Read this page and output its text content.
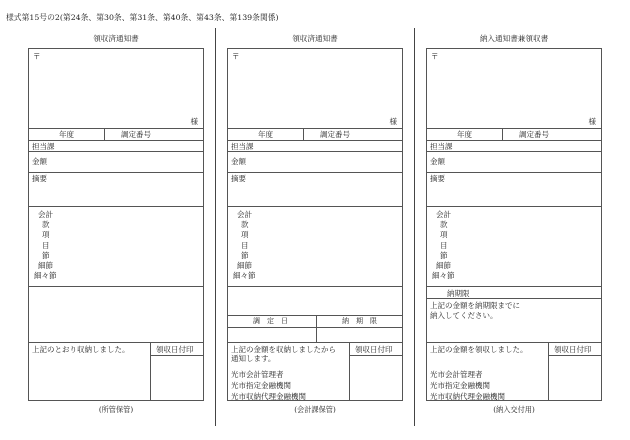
様式第15号の2(第24条、第30条、第31条、第40条、第43条、第139条関係)
領収済通知書
〒
様
年度	調定番号
担当課
金額
摘要
会計
款
項
目
節
細節
細々節
上記のとおり収納しました。	領収日付印
(所管保管)
領収済通知書
〒
様
年度	調定番号
担当課
金額
摘要
会計
款
項
目
節
細節
細々節
調　定　日	納　期　限
上記の金額を収納しましたから
通知します。
光市会計管理者
光市指定金融機関
光市収納代理金融機関
領収日付印
(会計課保管)
納入通知書兼領収書
〒
様
年度	調定番号
担当課
金額
摘要
会計
款
項
目
節
細節
細々節
納期限
上記の金額を納期限までに
納入してください。
上記の金額を領収しました。
光市会計管理者
光市指定金融機関
光市収納代理金融機関
領収日付印
(納入交付用)
